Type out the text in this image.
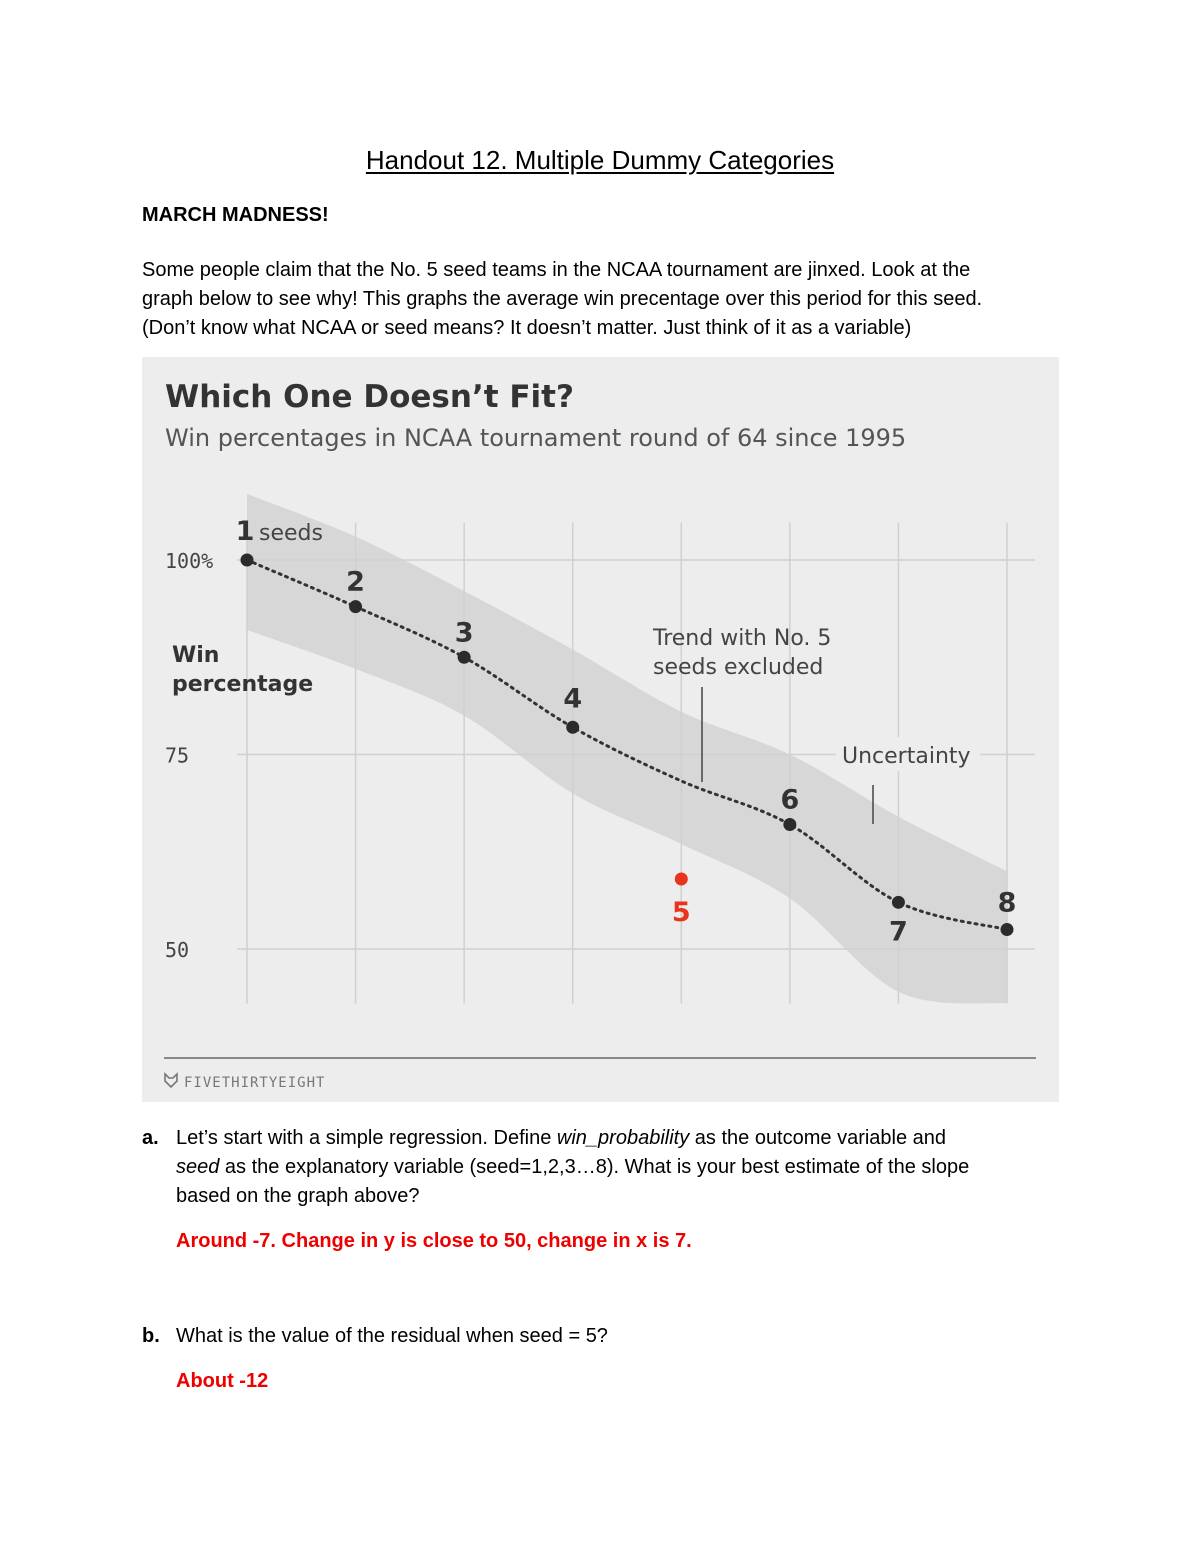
Handout 12. Multiple Dummy Categories
MARCH MADNESS!

Some people claim that the No. 5 seed teams in the NCAA tournament are jinxed. Look at the

graph below to see why! This graphs the average win precentage over this period for this seed.

(Don’t know what NCAA or seed means? It doesn’t matter. Just think of it as a variable)

100%
75
50
1
2
3
4
5
6
7
8
seeds
Which One Doesn’t Fit?
Win percentages in NCAA tournament round of 64 since 1995
Win
percentage
Trend with No. 5
seeds excluded
Uncertainty
FIVETHIRTYEIGHT
a. Let’s start with a simple regression. Define win_probability as the outcome variable and
seed as the explanatory variable (seed=1,2,3…8). What is your best estimate of the slope
based on the graph above?
Around -7. Change in y is close to 50, change in x is 7.
b. What is the value of the residual when seed = 5?
About -12
